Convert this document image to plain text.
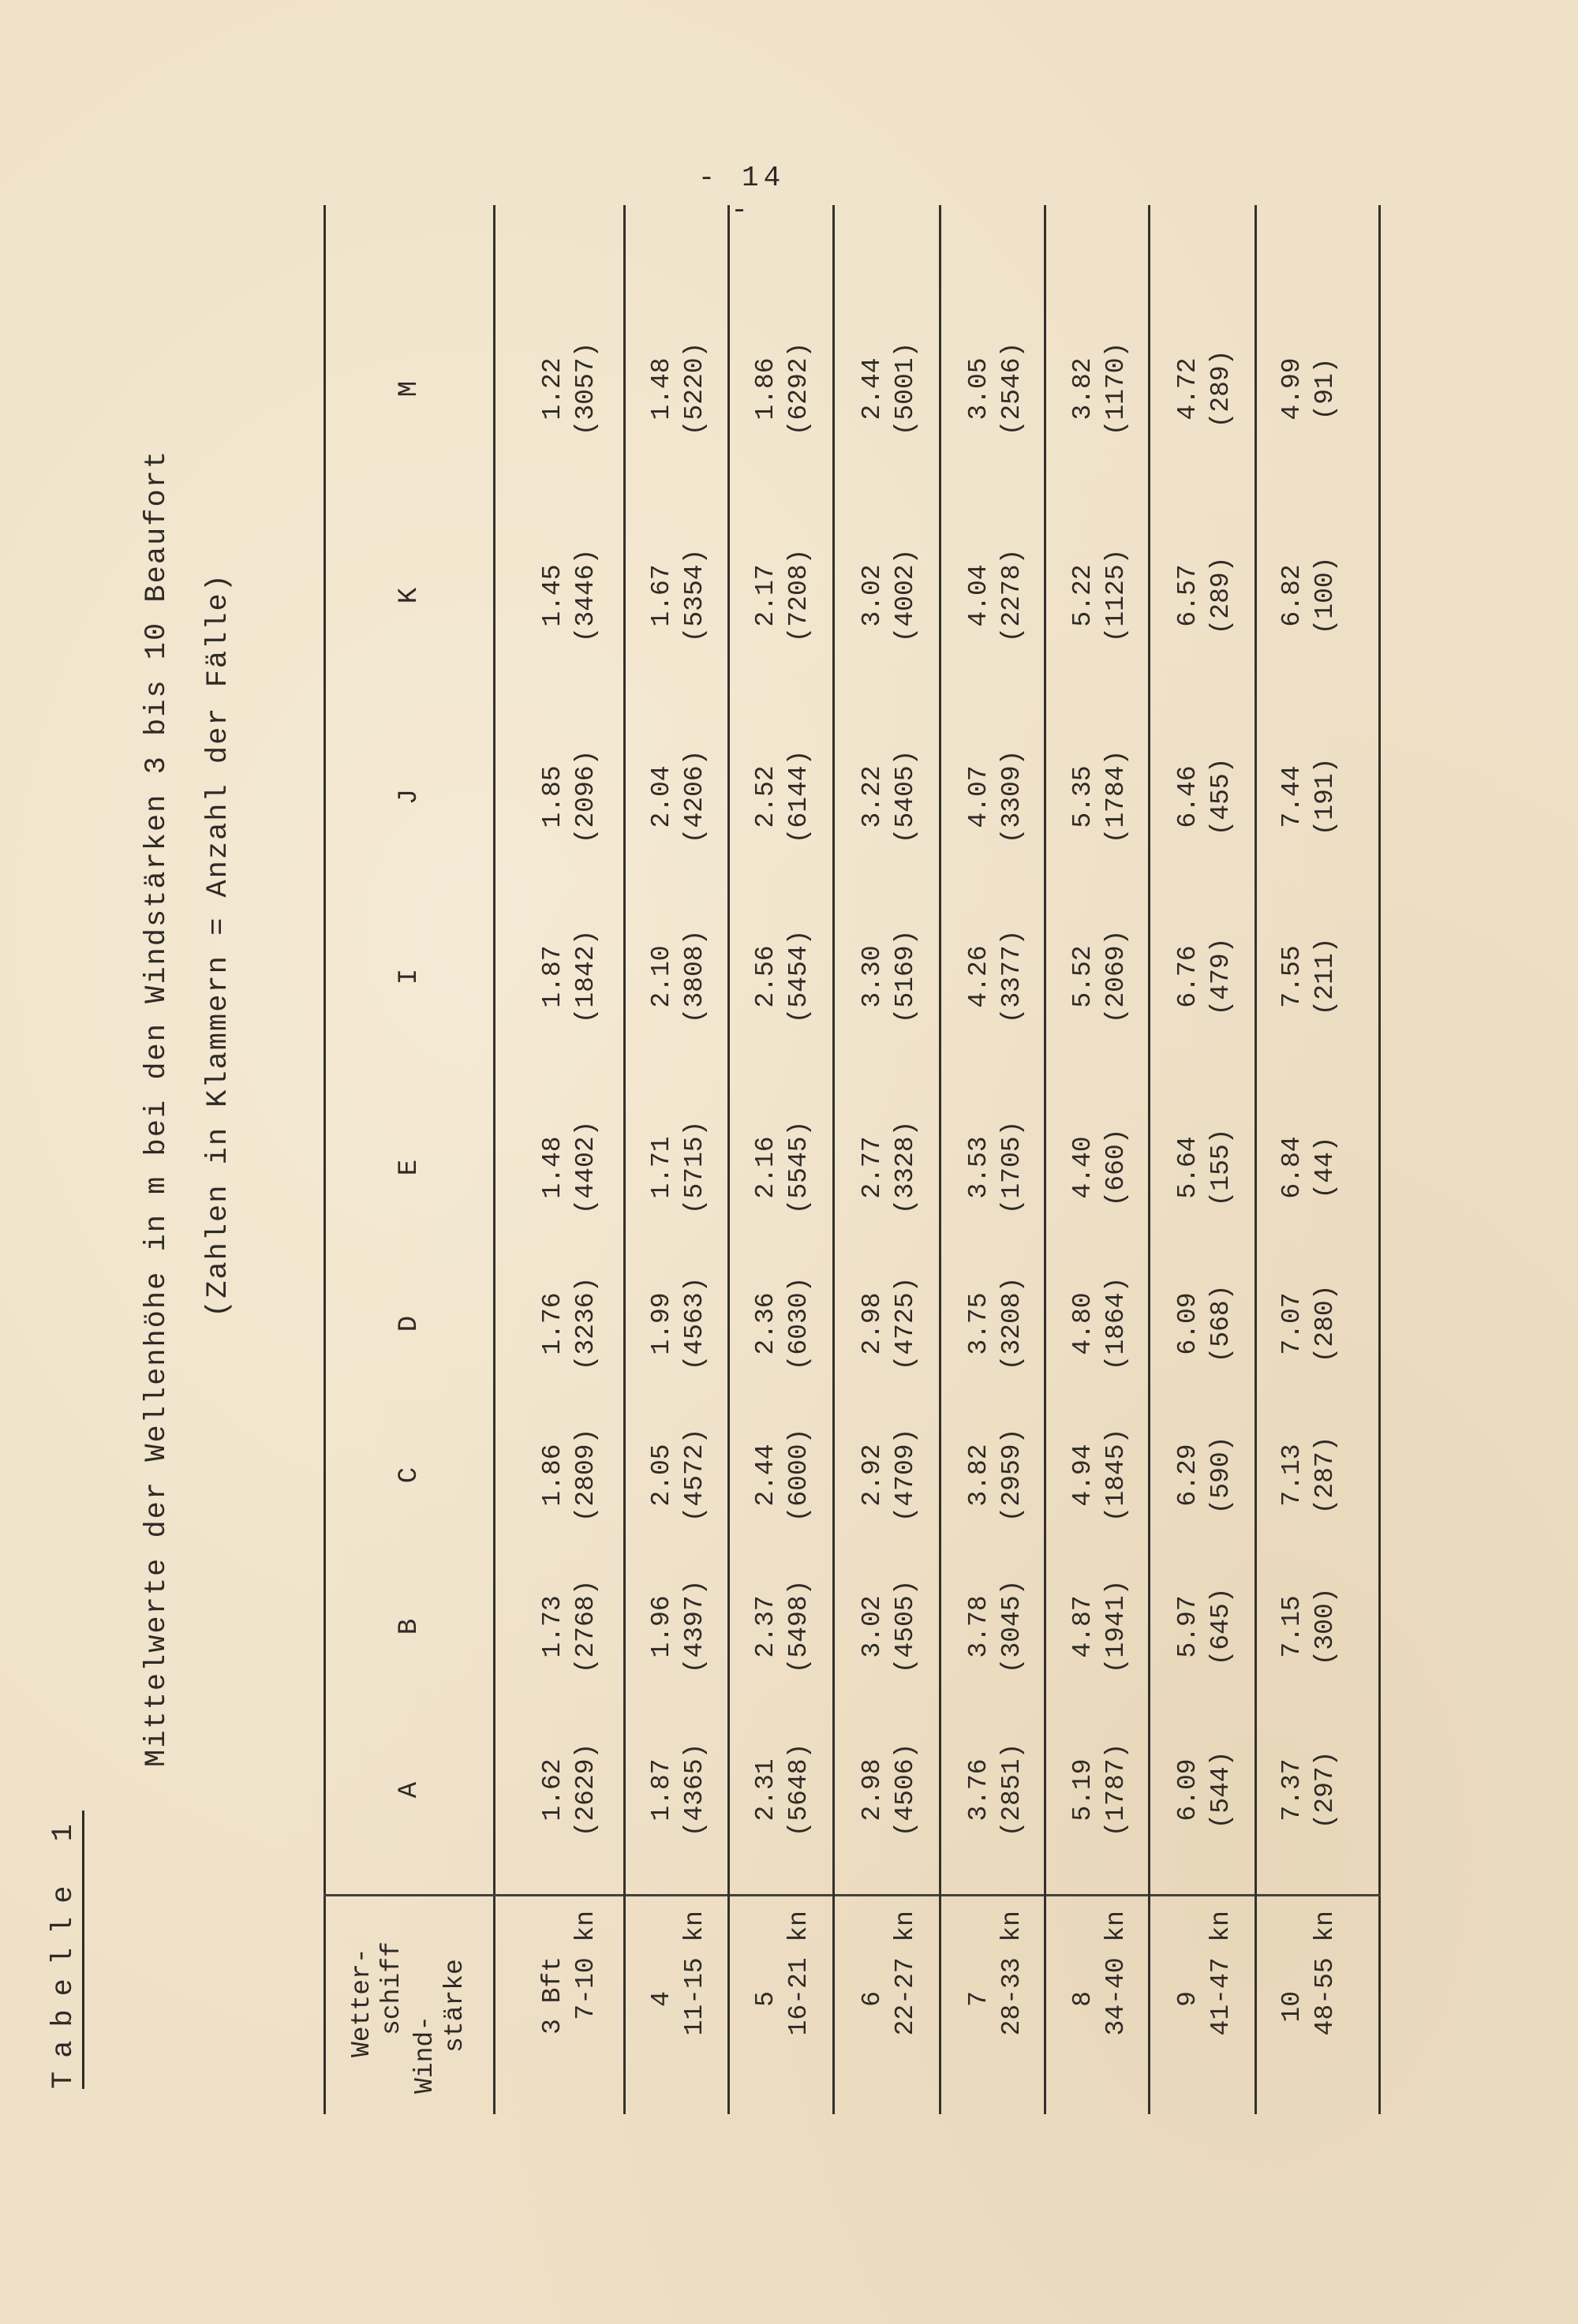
- 14 -
Tabelle 1
Mittelwerte der Wellenhöhe in m bei den Windstärken 3 bis 10 Beaufort (Zahlen in Klammern = Anzahl der Fälle)
Wetter- schiff
Wind-
stärke
A
B
C
D
E
I
J
K
M
3 Bft 7-10 kn
1.62 (2629)
1.73 (2768)
1.86 (2809)
1.76 (3236)
1.48 (4402)
1.87 (1842)
1.85 (2096)
1.45 (3446)
1.22 (3057)
4 11-15 kn
1.87 (4365)
1.96 (4397)
2.05 (4572)
1.99 (4563)
1.71 (5715)
2.10 (3808)
2.04 (4206)
1.67 (5354)
1.48 (5220)
5 16-21 kn
2.31 (5648)
2.37 (5498)
2.44 (6000)
2.36 (6030)
2.16 (5545)
2.56 (5454)
2.52 (6144)
2.17 (7208)
1.86 (6292)
6 22-27 kn
2.98 (4506)
3.02 (4505)
2.92 (4709)
2.98 (4725)
2.77 (3328)
3.30 (5169)
3.22 (5405)
3.02 (4002)
2.44 (5001)
7 28-33 kn
3.76 (2851)
3.78 (3045)
3.82 (2959)
3.75 (3208)
3.53 (1705)
4.26 (3377)
4.07 (3309)
4.04 (2278)
3.05 (2546)
8 34-40 kn
5.19 (1787)
4.87 (1941)
4.94 (1845)
4.80 (1864)
4.40 (660)
5.52 (2069)
5.35 (1784)
5.22 (1125)
3.82 (1170)
9 41-47 kn
6.09 (544)
5.97 (645)
6.29 (590)
6.09 (568)
5.64 (155)
6.76 (479)
6.46 (455)
6.57 (289)
4.72 (289)
10 48-55 kn
7.37 (297)
7.15 (300)
7.13 (287)
7.07 (280)
6.84 (44)
7.55 (211)
7.44 (191)
6.82 (100)
4.99 (91)
